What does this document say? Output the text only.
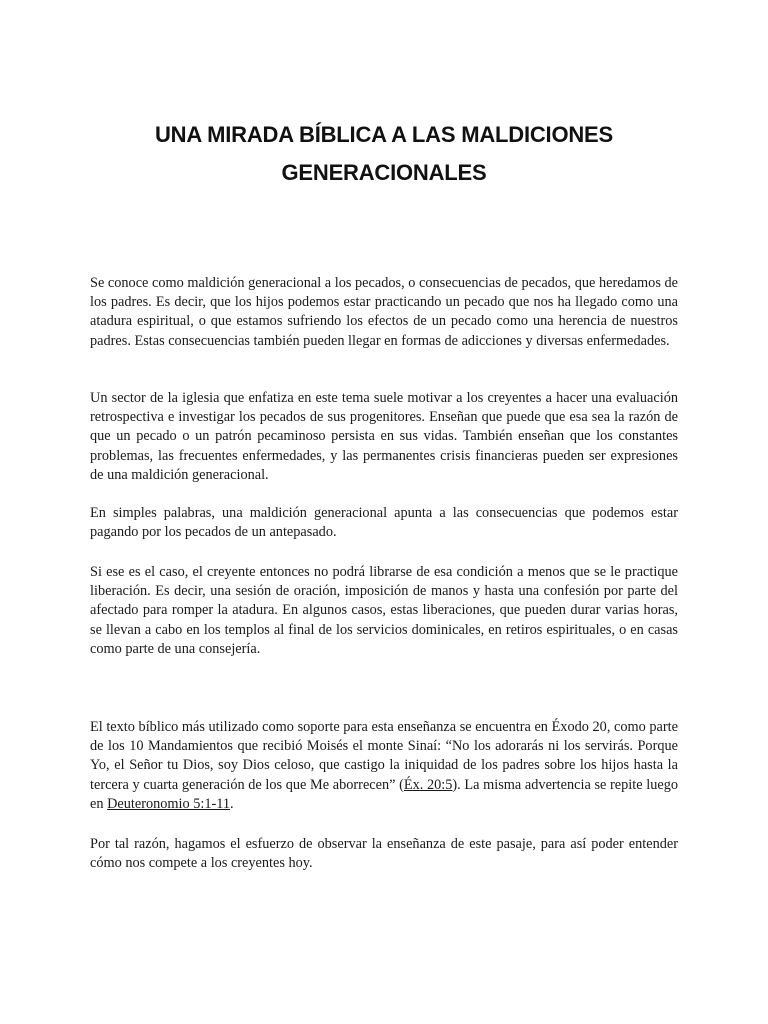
UNA MIRADA BÍBLICA A LAS MALDICIONES
GENERACIONALES

Se conoce como maldición generacional a los pecados, o consecuencias de pecados, que heredamos de los padres. Es decir, que los hijos podemos estar practicando un pecado que nos ha llegado como una atadura espiritual, o que estamos sufriendo los efectos de un pecado como una herencia de nuestros padres. Estas consecuencias también pueden llegar en formas de adicciones y diversas enfermedades.

Un sector de la iglesia que enfatiza en este tema suele motivar a los creyentes a hacer una evaluación retrospectiva e investigar los pecados de sus progenitores. Enseñan que puede que esa sea la razón de que un pecado o un patrón pecaminoso persista en sus vidas. También enseñan que los constantes problemas, las frecuentes enfermedades, y las permanentes crisis financieras pueden ser expresiones de una maldición generacional.

En simples palabras, una maldición generacional apunta a las consecuencias que podemos estar pagando por los pecados de un antepasado.

Si ese es el caso, el creyente entonces no podrá librarse de esa condición a menos que se le practique liberación. Es decir, una sesión de oración, imposición de manos y hasta una confesión por parte del afectado para romper la atadura. En algunos casos, estas liberaciones, que pueden durar varias horas, se llevan a cabo en los templos al final de los servicios dominicales, en retiros espirituales, o en casas como parte de una consejería.

El texto bíblico más utilizado como soporte para esta enseñanza se encuentra en Éxodo 20, como parte de los 10 Mandamientos que recibió Moisés el monte Sinaí: “No los adorarás ni los servirás. Porque Yo, el Señor tu Dios, soy Dios celoso, que castigo la iniquidad de los padres sobre los hijos hasta la tercera y cuarta generación de los que Me aborrecen” (Éx. 20:5). La misma advertencia se repite luego en Deuteronomio 5:1-11.

Por tal razón, hagamos el esfuerzo de observar la enseñanza de este pasaje, para así poder entender cómo nos compete a los creyentes hoy.
